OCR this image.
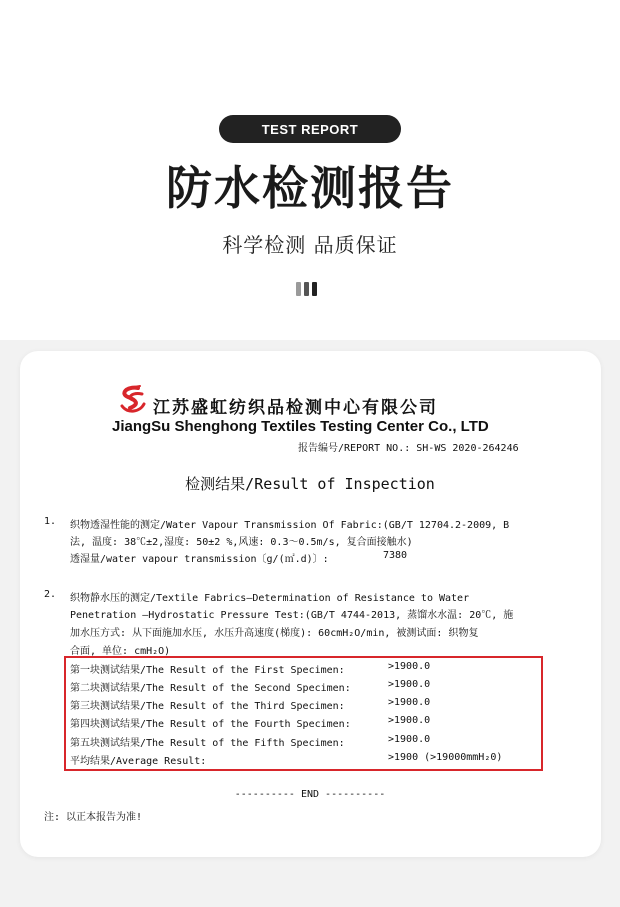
TEST REPORT
防水检测报告
科学检测 品质保证
江苏盛虹纺织品检测中心有限公司
JiangSu Shenghong Textiles Testing Center Co., LTD
报告编号/REPORT NO.: SH-WS 2020-264246
检测结果/Result of Inspection
1. 织物透湿性能的测定/Water Vapour Transmission Of Fabric:(GB/T 12704.2-2009, B
法, 温度: 38℃±2,湿度: 50±2 %,风速: 0.3～0.5m/s, 复合面接触水)
透湿量/water vapour transmission〔g/(㎡.d)〕:	7380
2. 织物静水压的测定/Textile Fabrics—Determination of Resistance to Water
Penetration —Hydrostatic Pressure Test:(GB/T 4744-2013, 蒸馏水水温: 20℃, 施
加水压方式: 从下面施加水压, 水压升高速度(梯度): 60cmH₂O/min, 被测试面: 织物复
合面, 单位: cmH₂O)
第一块测试结果/The Result of the First Specimen:	>1900.0
第二块测试结果/The Result of the Second Specimen:	>1900.0
第三块测试结果/The Result of the Third Specimen:	>1900.0
第四块测试结果/The Result of the Fourth Specimen:	>1900.0
第五块测试结果/The Result of the Fifth Specimen:	>1900.0
平均结果/Average Result:	>1900 (>19000mmH₂0)
---------- END ----------
注: 以正本报告为准!
